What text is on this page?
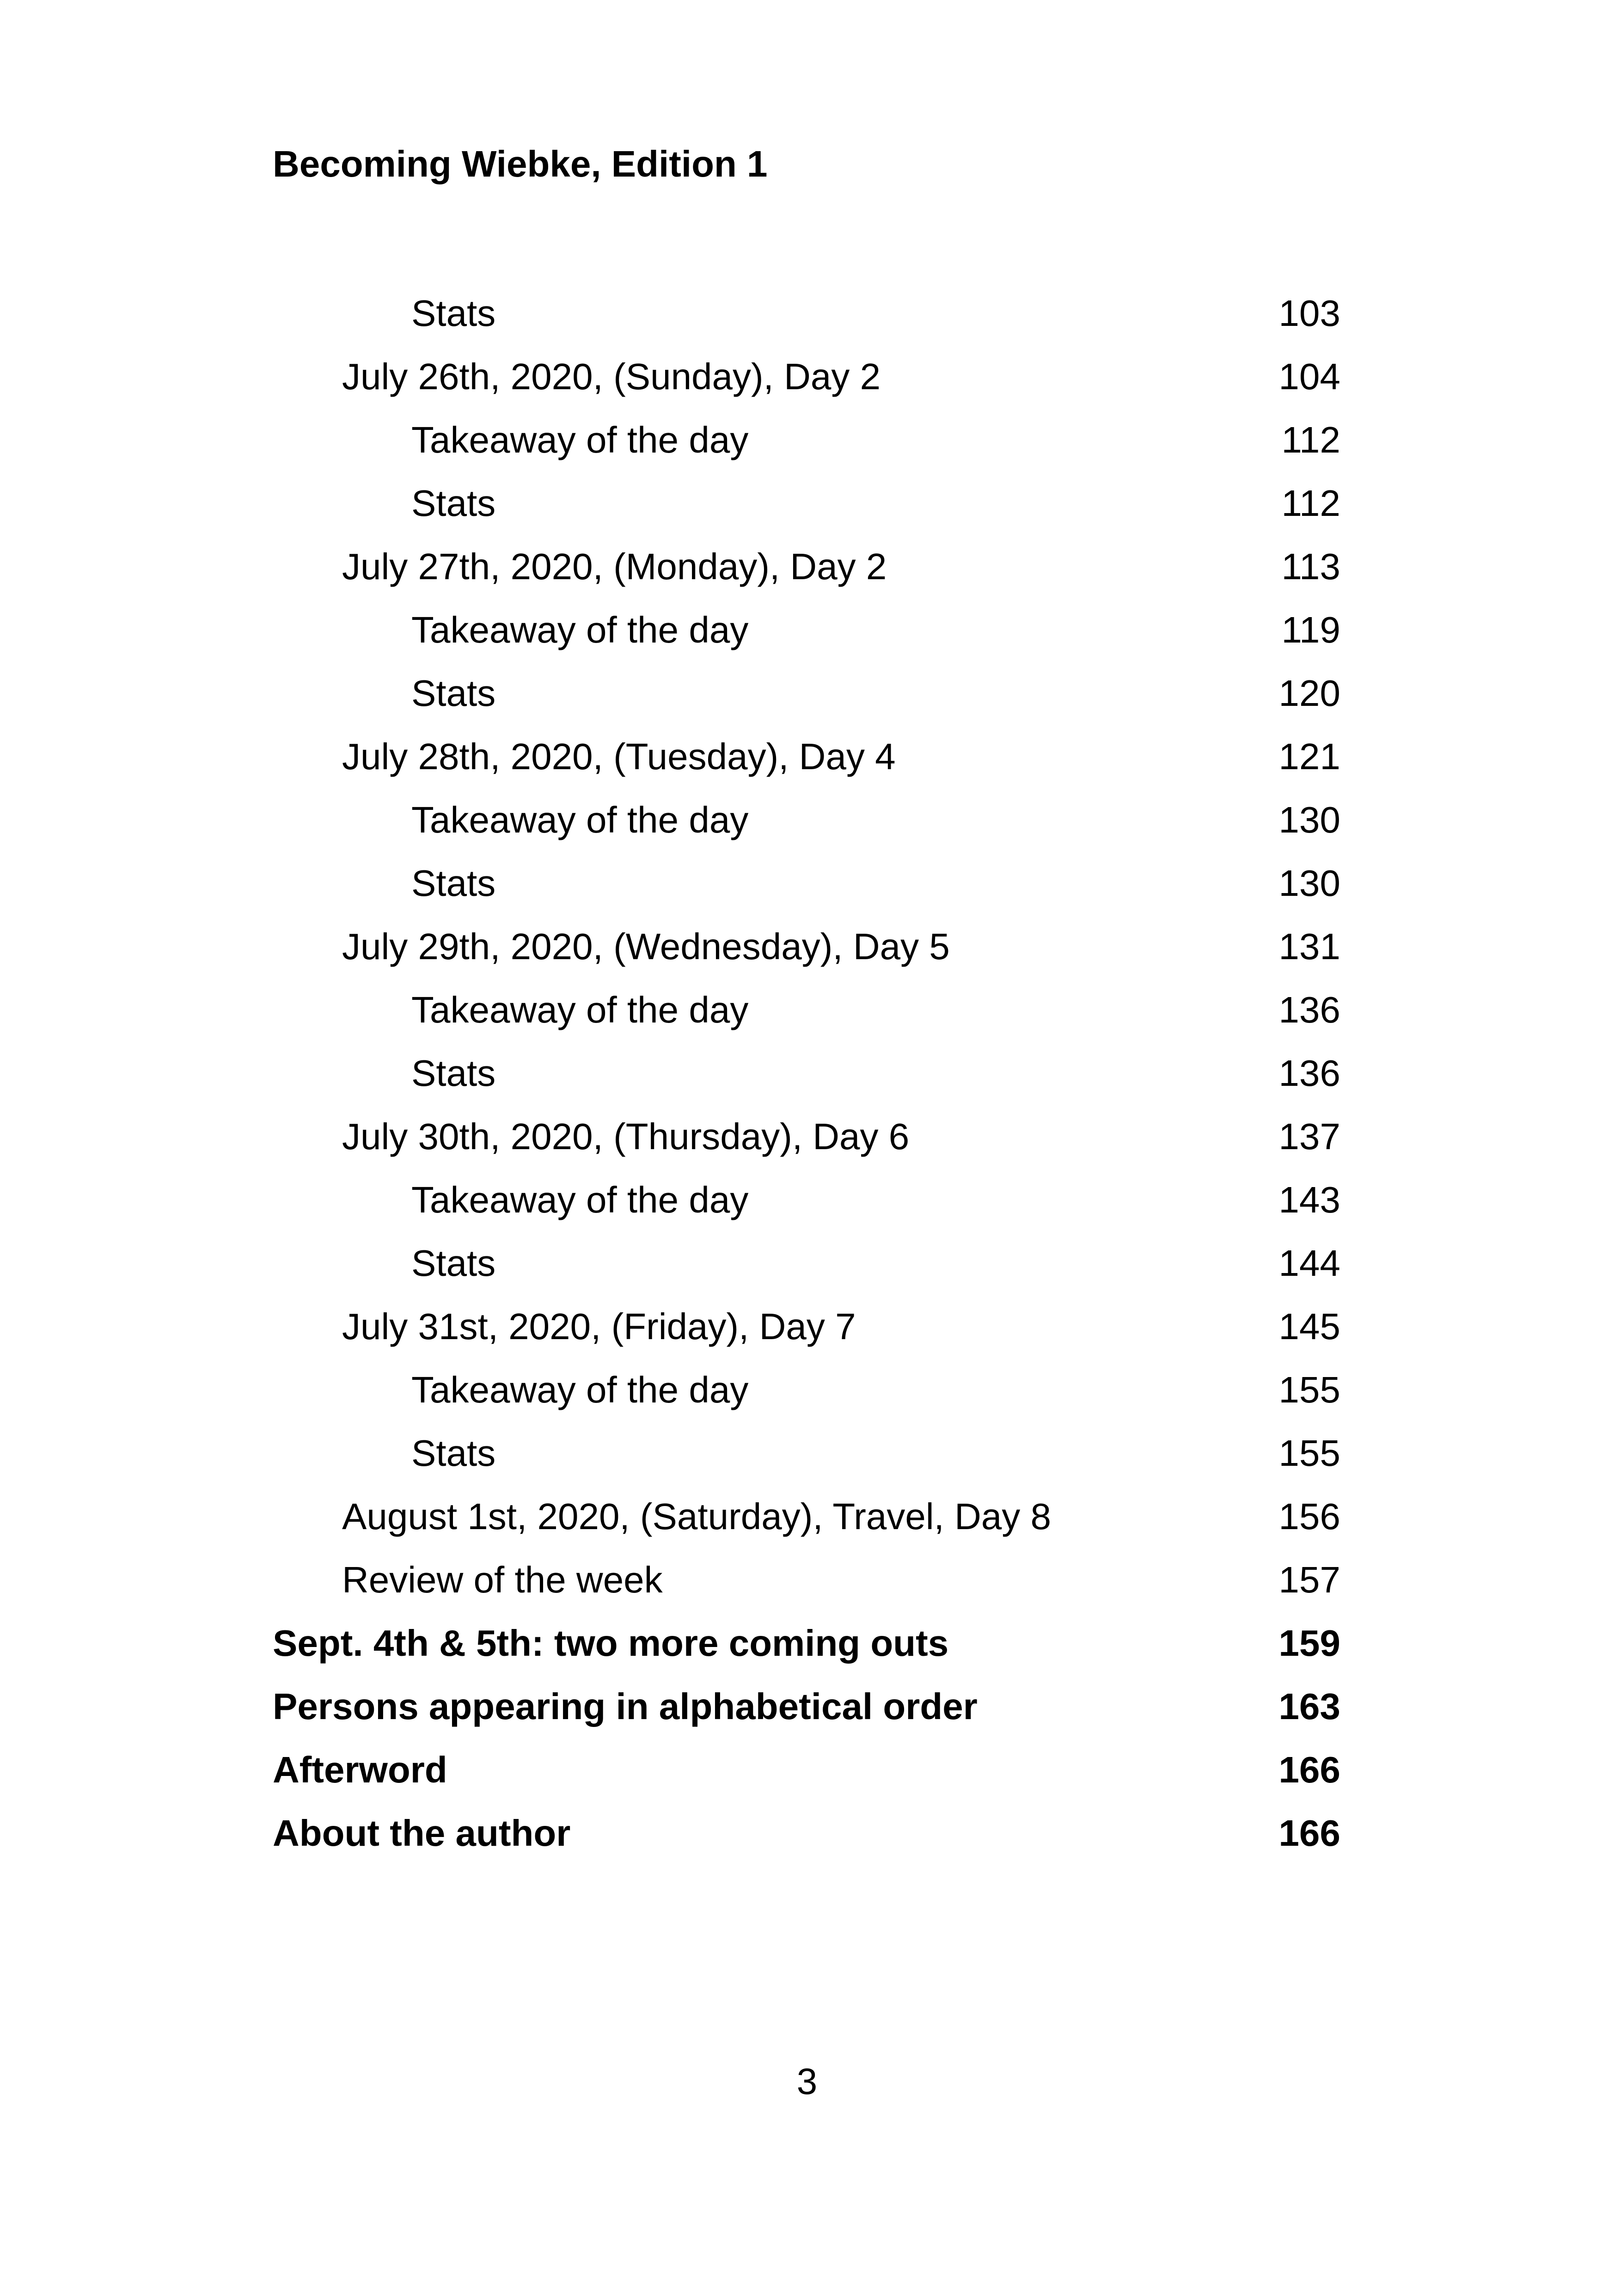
Becoming Wiebke, Edition 1
Stats	103
July 26th, 2020, (Sunday), Day 2	104
Takeaway of the day	112
Stats	112
July 27th, 2020, (Monday), Day 2	113
Takeaway of the day	119
Stats	120
July 28th, 2020, (Tuesday), Day 4	121
Takeaway of the day	130
Stats	130
July 29th, 2020, (Wednesday), Day 5	131
Takeaway of the day	136
Stats	136
July 30th, 2020, (Thursday), Day 6	137
Takeaway of the day	143
Stats	144
July 31st, 2020, (Friday), Day 7	145
Takeaway of the day	155
Stats	155
August 1st, 2020, (Saturday), Travel, Day 8	156
Review of the week	157
Sept. 4th & 5th: two more coming outs	159
Persons appearing in alphabetical order	163
Afterword	166
About the author	166
3
